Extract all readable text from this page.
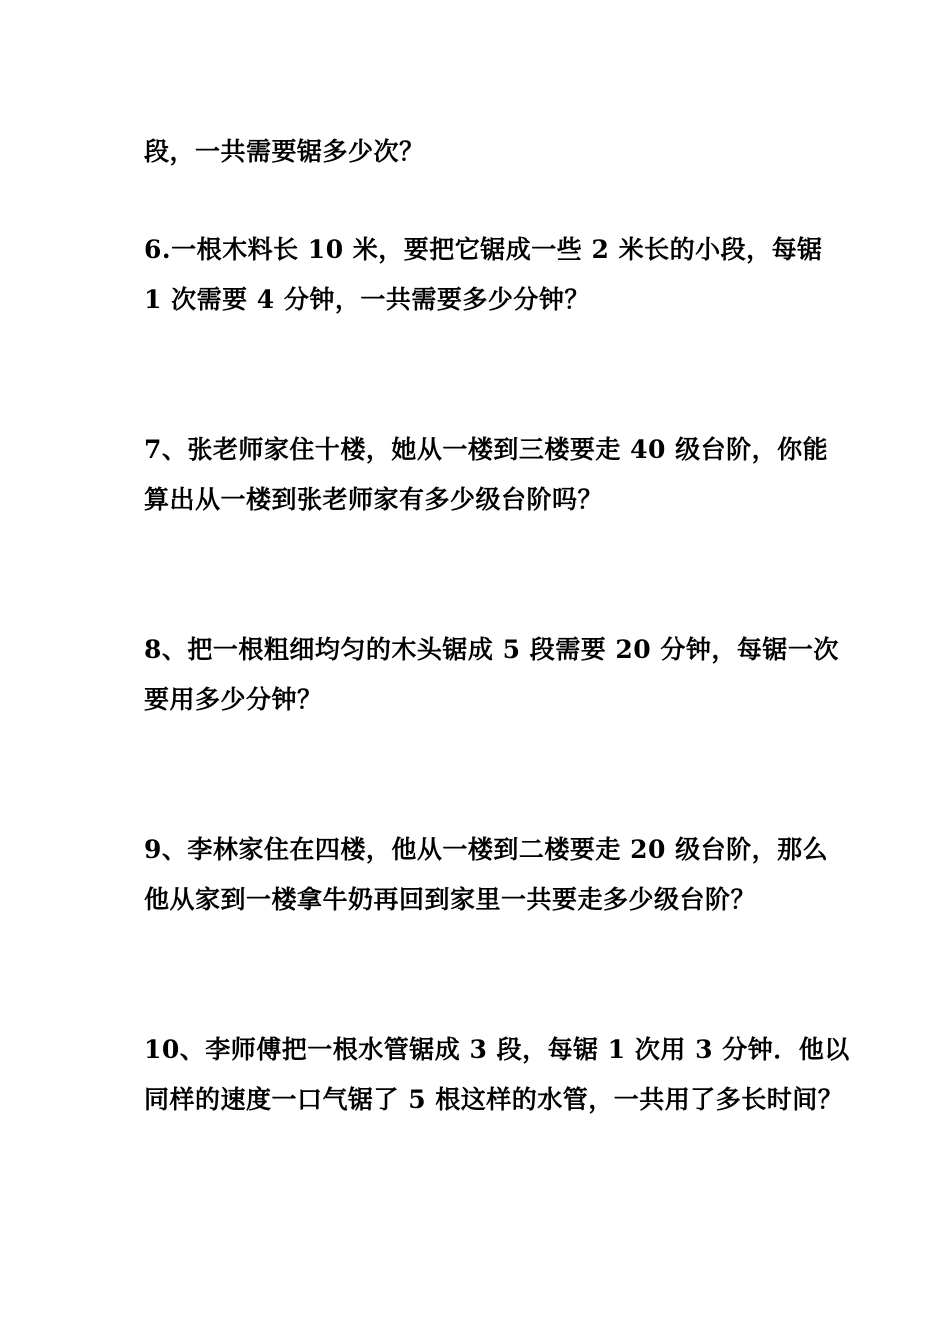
段，一共需要锯多少次？
6.一根木料长 10 米，要把它锯成一些 2 米长的小段，每锯
1 次需要 4 分钟，一共需要多少分钟？
7、张老师家住十楼，她从一楼到三楼要走 40 级台阶，你能
算出从一楼到张老师家有多少级台阶吗？
8、把一根粗细均匀的木头锯成 5 段需要 20 分钟，每锯一次
要用多少分钟？
9、李林家住在四楼，他从一楼到二楼要走 20 级台阶，那么
他从家到一楼拿牛奶再回到家里一共要走多少级台阶？
10、李师傅把一根水管锯成 3 段，每锯 1 次用 3 分钟．他以
同样的速度一口气锯了 5 根这样的水管，一共用了多长时间？
